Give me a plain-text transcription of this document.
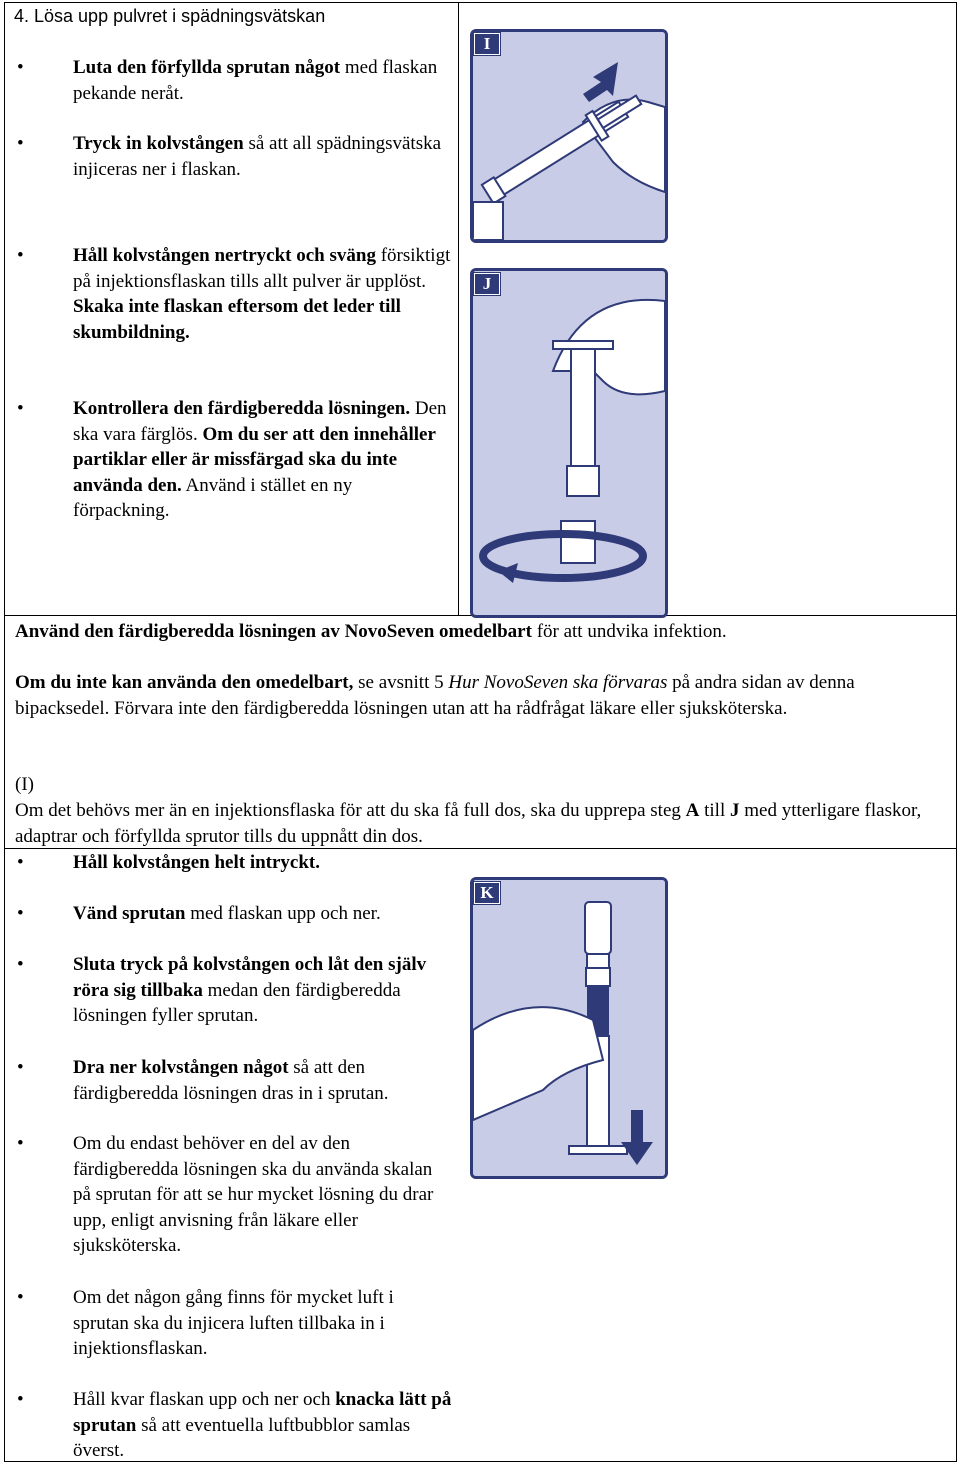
4. Lösa upp pulvret i spädningsvätskan

•	Luta den förfyllda sprutan något med flaskan pekande neråt.

•	Tryck in kolvstången så att all spädningsvätska injiceras ner i flaskan.

•	Håll kolvstången nertryckt och sväng försiktigt på injektionsflaskan tills allt pulver är upplöst. Skaka inte flaskan eftersom det leder till skumbildning.

•	Kontrollera den färdigberedda lösningen. Den ska vara färglös. Om du ser att den innehåller partiklar eller är missfärgad ska du inte använda den. Använd i stället en ny förpackning.

I
J

Använd den färdigberedda lösningen av NovoSeven omedelbart för att undvika infektion.

Om du inte kan använda den omedelbart, se avsnitt 5 Hur NovoSeven ska förvaras på andra sidan av denna bipacksedel. Förvara inte den färdigberedda lösningen utan att ha rådfrågat läkare eller sjuksköterska.

(I)

Om det behövs mer än en injektionsflaska för att du ska få full dos, ska du upprepa steg A till J med ytterligare flaskor, adaptrar och förfyllda sprutor tills du uppnått din dos.

•	Håll kolvstången helt intryckt.

•	Vänd sprutan med flaskan upp och ner.

•	Sluta tryck på kolvstången och låt den själv röra sig tillbaka medan den färdigberedda lösningen fyller sprutan.

•	Dra ner kolvstången något så att den färdigberedda lösningen dras in i sprutan.

•	Om du endast behöver en del av den färdigberedda lösningen ska du använda skalan på sprutan för att se hur mycket lösning du drar upp, enligt anvisning från läkare eller sjuksköterska.

•	Om det någon gång finns för mycket luft i sprutan ska du injicera luften tillbaka in i injektionsflaskan.

•	Håll kvar flaskan upp och ner och knacka lätt på sprutan så att eventuella luftbubblor samlas överst.

K
